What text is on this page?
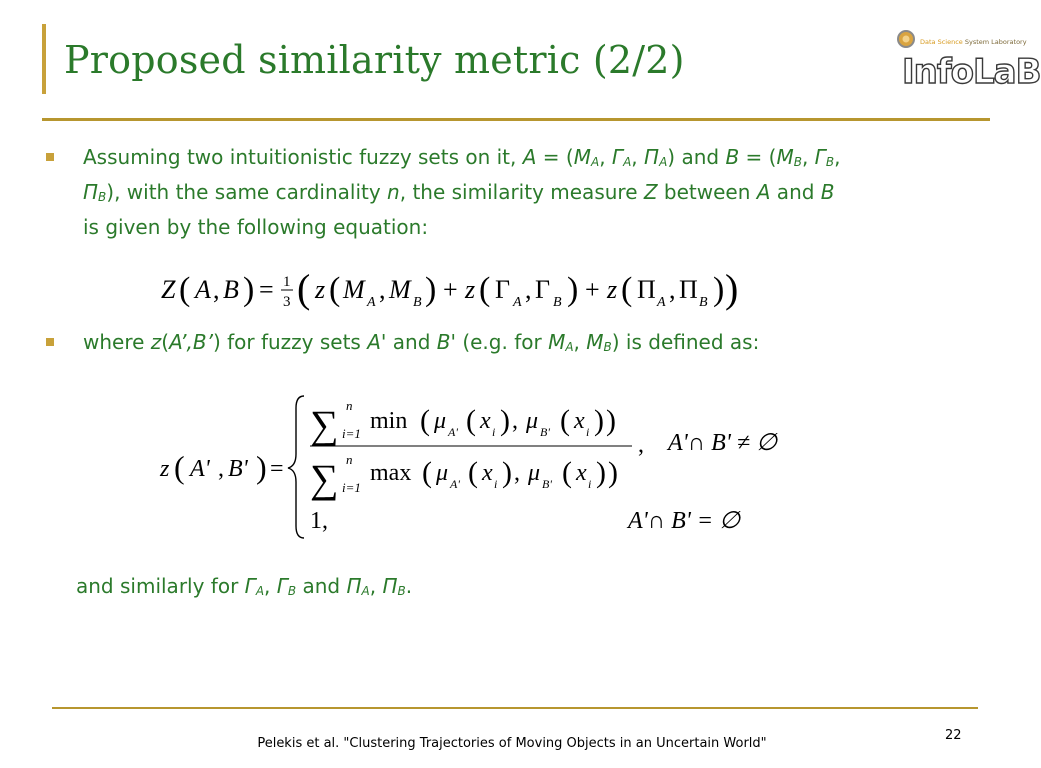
Proposed similarity metric (2/2)	Data Science System Laboratory
InfoLaB
Assuming two intuitionistic fuzzy sets on it, $A = (M_A$, $\Gamma_A$, $\Pi_A$) and $B = (M_B$, $\Gamma_B$,
$\Pi_B$), with the same cardinality n, the similarity measure Z between A and B
is given by the following equation:
Z ( A , B ) = 1
3 ( z ( M A , M B ) + z ( Γ A , Γ B ) + z ( Π A , Π B ) )
where z(A’,B’) for fuzzy sets A' and B' (e.g. for $M_A$, $M_B$) is defined as:
z ( A' , B' ) =
∑ n
i=1 min ( μ A' ( x i ) , μ B' ( x i ) )
∑ n
i=1
max ( μ A' ( x i ) , μ B' ( x i ) )
, A'∩ B' ≠ ∅
1,	A'∩ B' = ∅
and similarly for $\Gamma_A$, $\Gamma_B$ and $\Pi_A$, $\Pi_B$.
Pelekis et al. "Clustering Trajectories of Moving Objects in an Uncertain World"
22
